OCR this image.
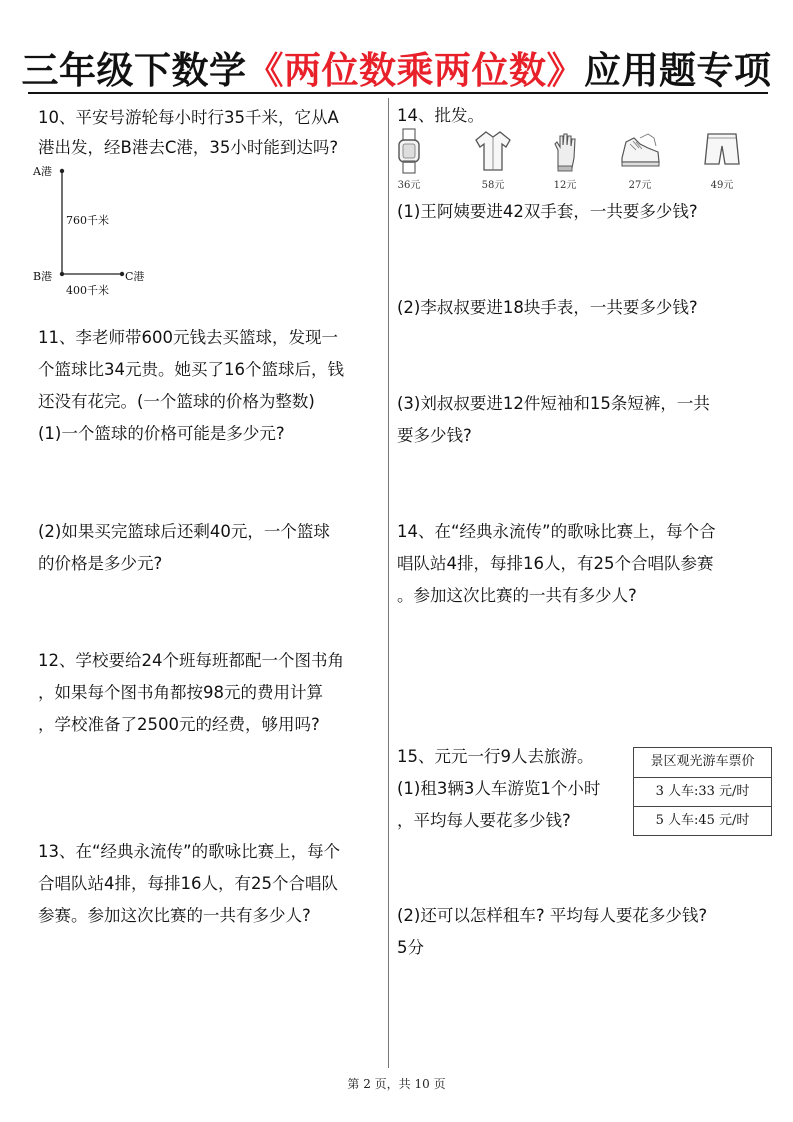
三年级下数学《两位数乘两位数》应用题专项
10、平安号游轮每小时行35千米，它从A
港出发，经B港去C港，35小时能到达吗?
A港
B港	C港
760千米
400千米
11、李老师带600元钱去买篮球，发现一
个篮球比34元贵。她买了16个篮球后，钱
还没有花完。(一个篮球的价格为整数)
(1)一个篮球的价格可能是多少元?
(2)如果买完篮球后还剩40元，一个篮球
的价格是多少元?
12、学校要给24个班每班都配一个图书角
，如果每个图书角都按98元的费用计算
，学校准备了2500元的经费，够用吗?
13、在“经典永流传”的歌咏比赛上，每个
合唱队站4排，每排16人，有25个合唱队
参赛。参加这次比赛的一共有多少人?
14、批发。
36元	58元	12元	27元	49元
(1)王阿姨要进42双手套，一共要多少钱?
(2)李叔叔要进18块手表，一共要多少钱?
(3)刘叔叔要进12件短袖和15条短裤，一共
要多少钱?
14、在“经典永流传”的歌咏比赛上，每个合
唱队站4排，每排16人，有25个合唱队参赛
。参加这次比赛的一共有多少人?
15、元元一行9人去旅游。
(1)租3辆3人车游览1个小时
，平均每人要花多少钱?
景区观光游车票价
3 人车:33 元/时
5 人车:45 元/时
(2)还可以怎样租车? 平均每人要花多少钱?
5分
第 2 页，共 10 页
